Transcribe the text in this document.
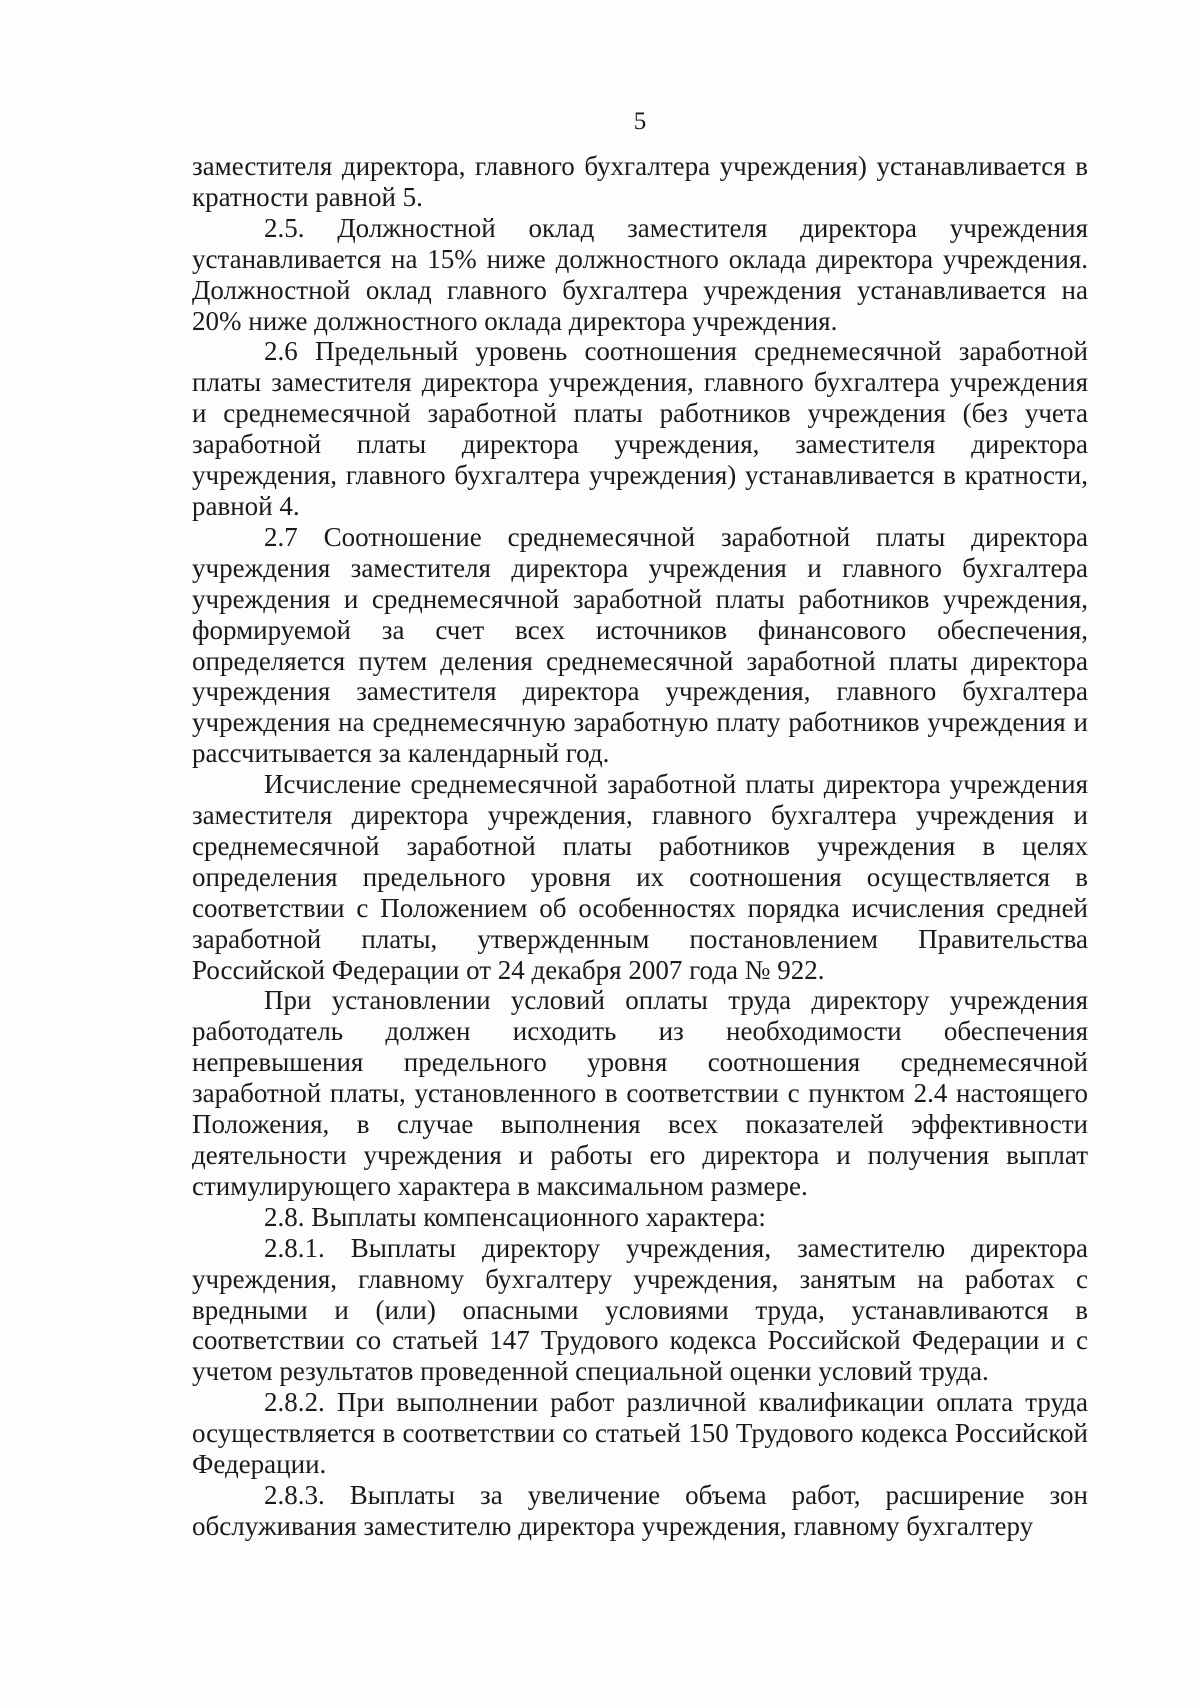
5

заместителя директора, главного бухгалтера учреждения) устанавливается в кратности равной 5.

2.5. Должностной оклад заместителя директора учреждения устанавливается на 15% ниже должностного оклада директора учреждения. Должностной оклад главного бухгалтера учреждения устанавливается на 20% ниже должностного оклада директора учреждения.

2.6 Предельный уровень соотношения среднемесячной заработной платы заместителя директора учреждения, главного бухгалтера учреждения и среднемесячной заработной платы работников учреждения (без учета заработной платы директора учреждения, заместителя директора учреждения, главного бухгалтера учреждения) устанавливается в кратности, равной 4.

2.7 Соотношение среднемесячной заработной платы директора учреждения заместителя директора учреждения и главного бухгалтера учреждения и среднемесячной заработной платы работников учреждения, формируемой за счет всех источников финансового обеспечения, определяется путем деления среднемесячной заработной платы директора учреждения заместителя директора учреждения, главного бухгалтера учреждения на среднемесячную заработную плату работников учреждения и рассчитывается за календарный год.

Исчисление среднемесячной заработной платы директора учреждения заместителя директора учреждения, главного бухгалтера учреждения и среднемесячной заработной платы работников учреждения в целях определения предельного уровня их соотношения осуществляется в соответствии с Положением об особенностях порядка исчисления средней заработной платы, утвержденным постановлением Правительства Российской Федерации от 24 декабря 2007 года № 922.

При установлении условий оплаты труда директору учреждения работодатель должен исходить из необходимости обеспечения непревышения предельного уровня соотношения среднемесячной заработной платы, установленного в соответствии с пунктом 2.4 настоящего Положения, в случае выполнения всех показателей эффективности деятельности учреждения и работы его директора и получения выплат стимулирующего характера в максимальном размере.

2.8. Выплаты компенсационного характера:

2.8.1. Выплаты директору учреждения, заместителю директора учреждения, главному бухгалтеру учреждения, занятым на работах с вредными и (или) опасными условиями труда, устанавливаются в соответствии со статьей 147 Трудового кодекса Российской Федерации и с учетом результатов проведенной специальной оценки условий труда.

2.8.2. При выполнении работ различной квалификации оплата труда осуществляется в соответствии со статьей 150 Трудового кодекса Российской Федерации.

2.8.3. Выплаты за увеличение объема работ, расширение зон обслуживания заместителю директора учреждения, главному бухгалтеру
